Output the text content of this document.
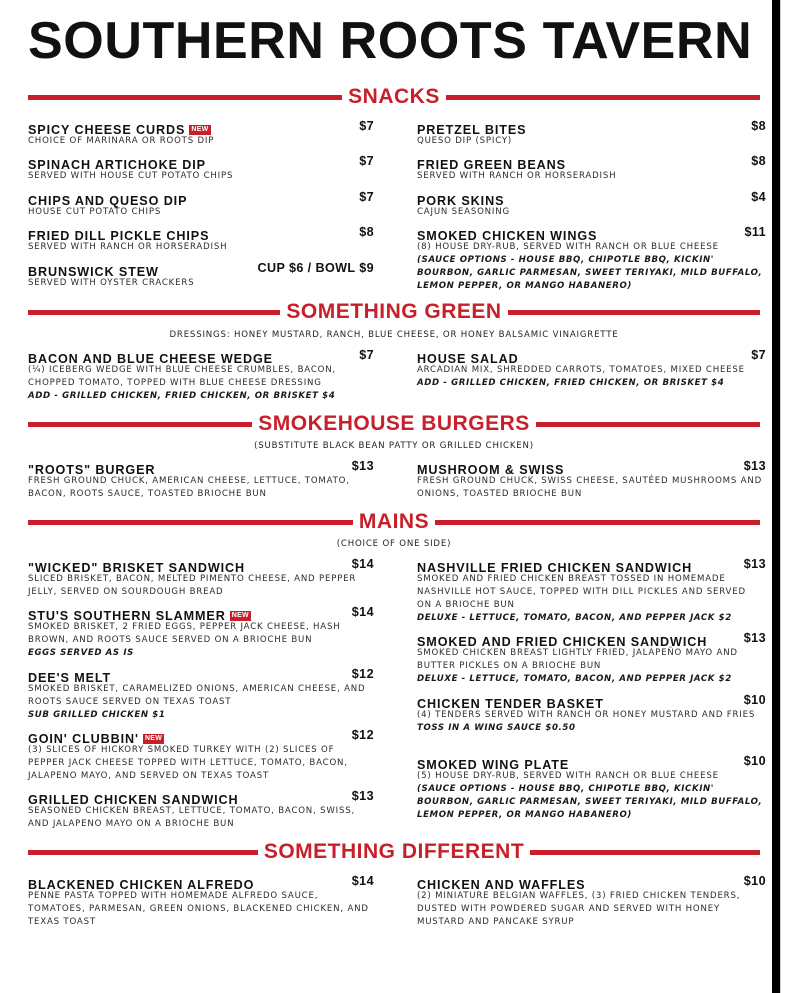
SOUTHERN ROOTS TAVERN
SNACKS
SPICY CHEESE CURDS NEW	$7
CHOICE OF MARINARA OR ROOTS DIP
SPINACH ARTICHOKE DIP	$7
SERVED WITH HOUSE CUT POTATO CHIPS
CHIPS AND QUESO DIP	$7
HOUSE CUT POTATO CHIPS
FRIED DILL PICKLE CHIPS	$8
SERVED WITH RANCH OR HORSERADISH
BRUNSWICK STEW	CUP $6 / BOWL $9
SERVED WITH OYSTER CRACKERS
PRETZEL BITES	$8
QUESO DIP (SPICY)
FRIED GREEN BEANS	$8
SERVED WITH RANCH OR HORSERADISH
PORK SKINS	$4
CAJUN SEASONING
SMOKED CHICKEN WINGS	$11
(8) HOUSE DRY-RUB, SERVED WITH RANCH OR BLUE CHEESE
(SAUCE OPTIONS - HOUSE BBQ, CHIPOTLE BBQ, KICKIN' BOURBON, GARLIC PARMESAN, SWEET TERIYAKI, MILD BUFFALO, LEMON PEPPER, OR MANGO HABANERO)
SOMETHING GREEN
DRESSINGS: HONEY MUSTARD, RANCH, BLUE CHEESE, OR HONEY BALSAMIC VINAIGRETTE
BACON AND BLUE CHEESE WEDGE	$7
(¼) ICEBERG WEDGE WITH BLUE CHEESE CRUMBLES, BACON, CHOPPED TOMATO, TOPPED WITH BLUE CHEESE DRESSING
ADD - GRILLED CHICKEN, FRIED CHICKEN, OR BRISKET $4
HOUSE SALAD	$7
ARCADIAN MIX, SHREDDED CARROTS, TOMATOES, MIXED CHEESE
ADD - GRILLED CHICKEN, FRIED CHICKEN, OR BRISKET $4
SMOKEHOUSE BURGERS
(SUBSTITUTE BLACK BEAN PATTY OR GRILLED CHICKEN)
"ROOTS" BURGER	$13
FRESH GROUND CHUCK, AMERICAN CHEESE, LETTUCE, TOMATO, BACON, ROOTS SAUCE, TOASTED BRIOCHE BUN
MUSHROOM & SWISS	$13
FRESH GROUND CHUCK, SWISS CHEESE, SAUTÉED MUSHROOMS AND ONIONS, TOASTED BRIOCHE BUN
MAINS
(CHOICE OF ONE SIDE)
"WICKED" BRISKET SANDWICH	$14
SLICED BRISKET, BACON, MELTED PIMENTO CHEESE, AND PEPPER JELLY, SERVED ON SOURDOUGH BREAD
STU'S SOUTHERN SLAMMER NEW	$14
SMOKED BRISKET, 2 FRIED EGGS, PEPPER JACK CHEESE, HASH BROWN, AND ROOTS SAUCE SERVED ON A BRIOCHE BUN
EGGS SERVED AS IS
DEE'S MELT	$12
SMOKED BRISKET, CARAMELIZED ONIONS, AMERICAN CHEESE, AND ROOTS SAUCE SERVED ON TEXAS TOAST
SUB GRILLED CHICKEN $1
GOIN' CLUBBIN' NEW	$12
(3) SLICES OF HICKORY SMOKED TURKEY WITH (2) SLICES OF PEPPER JACK CHEESE TOPPED WITH LETTUCE, TOMATO, BACON, JALAPENO MAYO, AND SERVED ON TEXAS TOAST
GRILLED CHICKEN SANDWICH	$13
SEASONED CHICKEN BREAST, LETTUCE, TOMATO, BACON, SWISS, AND JALAPENO MAYO ON A BRIOCHE BUN
NASHVILLE FRIED CHICKEN SANDWICH	$13
SMOKED AND FRIED CHICKEN BREAST TOSSED IN HOMEMADE NASHVILLE HOT SAUCE, TOPPED WITH DILL PICKLES AND SERVED ON A BRIOCHE BUN
DELUXE - LETTUCE, TOMATO, BACON, AND PEPPER JACK $2
SMOKED AND FRIED CHICKEN SANDWICH	$13
SMOKED CHICKEN BREAST LIGHTLY FRIED, JALAPEÑO MAYO AND BUTTER PICKLES ON A BRIOCHE BUN
DELUXE - LETTUCE, TOMATO, BACON, AND PEPPER JACK $2
CHICKEN TENDER BASKET	$10
(4) TENDERS SERVED WITH RANCH OR HONEY MUSTARD AND FRIES
TOSS IN A WING SAUCE $0.50
SMOKED WING PLATE	$10
(5) HOUSE DRY-RUB, SERVED WITH RANCH OR BLUE CHEESE
(SAUCE OPTIONS - HOUSE BBQ, CHIPOTLE BBQ, KICKIN' BOURBON, GARLIC PARMESAN, SWEET TERIYAKI, MILD BUFFALO, LEMON PEPPER, OR MANGO HABANERO)
SOMETHING DIFFERENT
BLACKENED CHICKEN ALFREDO	$14
PENNE PASTA TOPPED WITH HOMEMADE ALFREDO SAUCE, TOMATOES, PARMESAN, GREEN ONIONS, BLACKENED CHICKEN, AND TEXAS TOAST
CHICKEN AND WAFFLES	$10
(2) MINIATURE BELGIAN WAFFLES, (3) FRIED CHICKEN TENDERS, DUSTED WITH POWDERED SUGAR AND SERVED WITH HONEY MUSTARD AND PANCAKE SYRUP
